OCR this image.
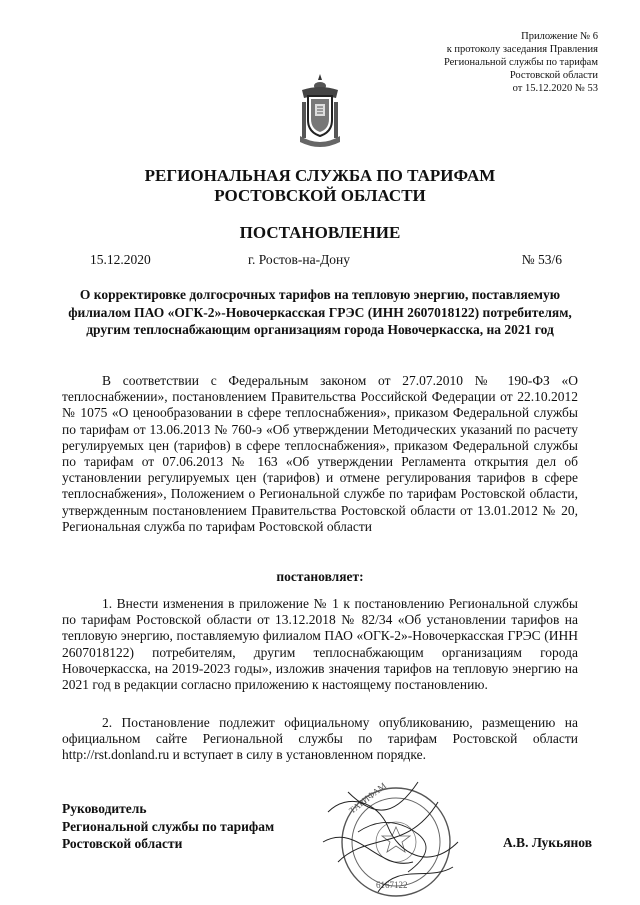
Приложение № 6
к протоколу заседания Правления
Региональной службы по тарифам
Ростовской области
от 15.12.2020 № 53
РЕГИОНАЛЬНАЯ СЛУЖБА ПО ТАРИФАМ
РОСТОВСКОЙ ОБЛАСТИ
ПОСТАНОВЛЕНИЕ
15.12.2020	г. Ростов-на-Дону	№ 53/6
О корректировке долгосрочных тарифов на тепловую энергию, поставляемую филиалом ПАО «ОГК-2»-Новочеркасская ГРЭС (ИНН 2607018122) потребителям, другим теплоснабжающим организациям города Новочеркасска, на 2021 год
В соответствии с Федеральным законом от 27.07.2010 № 190-ФЗ «О теплоснабжении», постановлением Правительства Российской Федерации от 22.10.2012 № 1075 «О ценообразовании в сфере теплоснабжения», приказом Федеральной службы по тарифам от 13.06.2013 № 760-э «Об утверждении Методических указаний по расчету регулируемых цен (тарифов) в сфере теплоснабжения», приказом Федеральной службы по тарифам от 07.06.2013 № 163 «Об утверждении Регламента открытия дел об установлении регулируемых цен (тарифов) и отмене регулирования тарифов в сфере теплоснабжения», Положением о Региональной службе по тарифам Ростовской области, утвержденным постановлением Правительства Ростовской области от 13.01.2012 № 20, Региональная служба по тарифам Ростовской области
постановляет:
1. Внести изменения в приложение № 1 к постановлению Региональной службы по тарифам Ростовской области от 13.12.2018 № 82/34 «Об установлении тарифов на тепловую энергию, поставляемую филиалом ПАО «ОГК-2»-Новочеркасская ГРЭС (ИНН 2607018122) потребителям, другим теплоснабжающим организациям города Новочеркасска, на 2019-2023 годы», изложив значения тарифов на тепловую энергию на 2021 год в редакции согласно приложению к настоящему постановлению.
2. Постановление подлежит официальному опубликованию, размещению на официальном сайте Региональной службы по тарифам Ростовской области http://rst.donland.ru и вступает в силу в установленном порядке.
Руководитель
Региональной службы по тарифам
Ростовской области
ТАРИФАМ
6167122
А.В. Лукьянов
